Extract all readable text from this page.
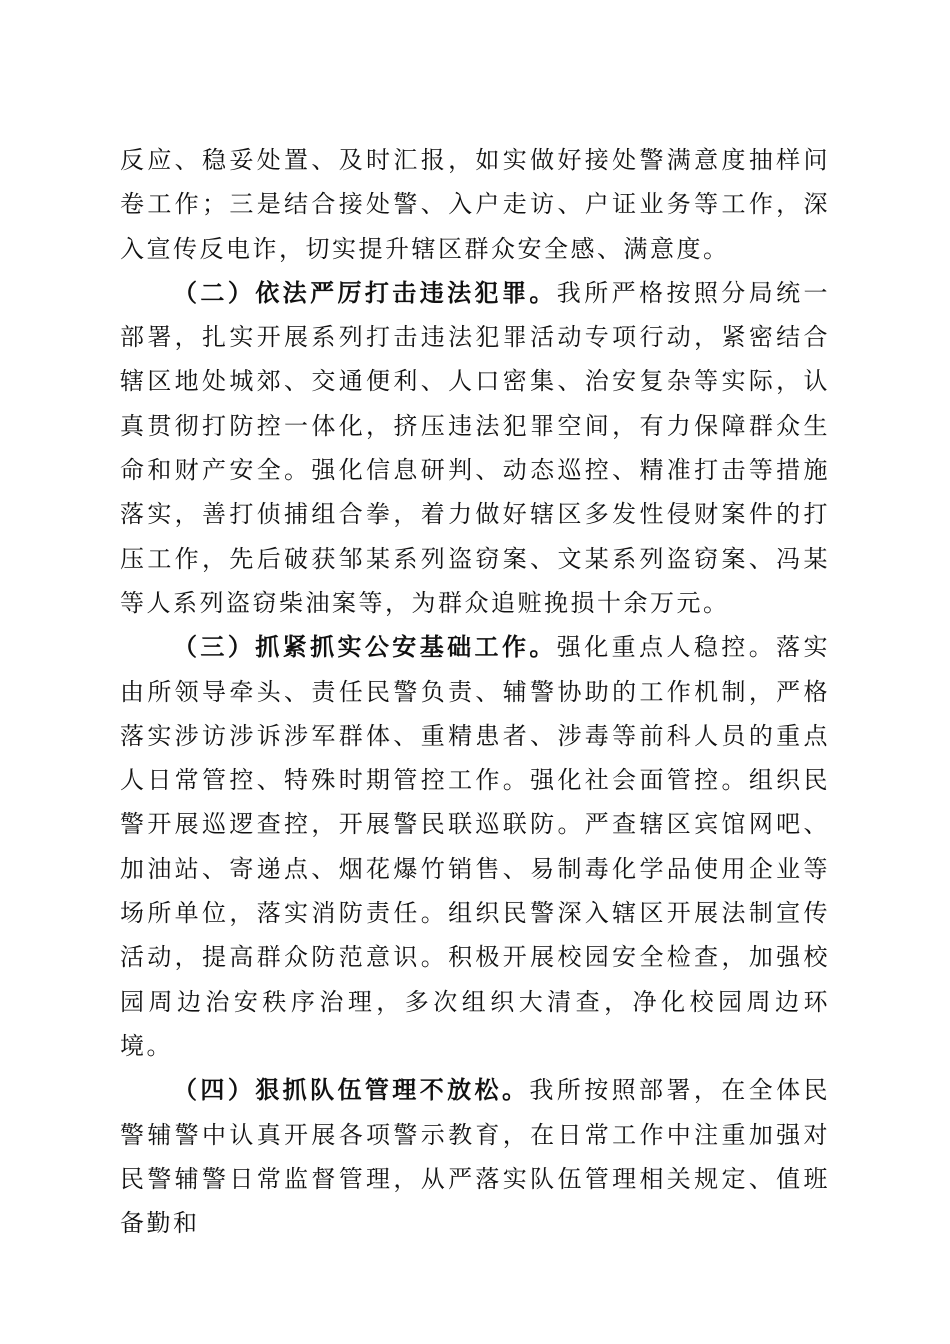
反应、稳妥处置、及时汇报，如实做好接处警满意度抽样问卷工作；三是结合接处警、入户走访、户证业务等工作，深入宣传反电诈，切实提升辖区群众安全感、满意度。

（二）依法严厉打击违法犯罪。我所严格按照分局统一部署，扎实开展系列打击违法犯罪活动专项行动，紧密结合辖区地处城郊、交通便利、人口密集、治安复杂等实际，认真贯彻打防控一体化，挤压违法犯罪空间，有力保障群众生命和财产安全。强化信息研判、动态巡控、精准打击等措施落实，善打侦捕组合拳，着力做好辖区多发性侵财案件的打压工作，先后破获邹某系列盗窃案、文某系列盗窃案、冯某等人系列盗窃柴油案等，为群众追赃挽损十余万元。

（三）抓紧抓实公安基础工作。强化重点人稳控。落实由所领导牵头、责任民警负责、辅警协助的工作机制，严格落实涉访涉诉涉军群体、重精患者、涉毒等前科人员的重点人日常管控、特殊时期管控工作。强化社会面管控。组织民警开展巡逻查控，开展警民联巡联防。严查辖区宾馆网吧、加油站、寄递点、烟花爆竹销售、易制毒化学品使用企业等场所单位，落实消防责任。组织民警深入辖区开展法制宣传活动，提高群众防范意识。积极开展校园安全检查，加强校园周边治安秩序治理，多次组织大清查，净化校园周边环境。

（四）狠抓队伍管理不放松。我所按照部署，在全体民警辅警中认真开展各项警示教育，在日常工作中注重加强对民警辅警日常监督管理，从严落实队伍管理相关规定、值班备勤和
